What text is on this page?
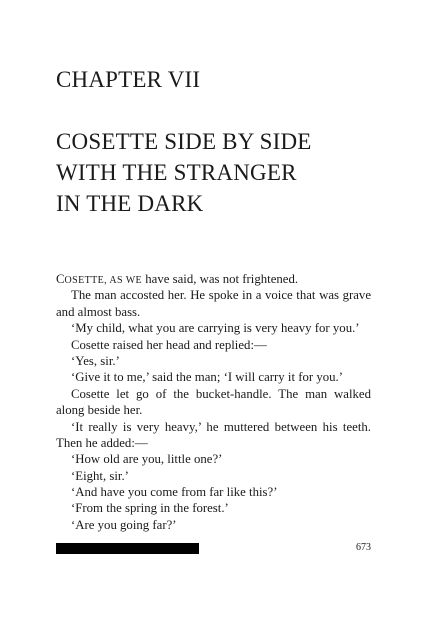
CHAPTER VII
COSETTE SIDE BY SIDE
WITH THE STRANGER
IN THE DARK
COSETTE, AS WE have said, was not frightened.
The man accosted her. He spoke in a voice that was grave
and almost bass.
‘My child, what you are carrying is very heavy for you.’
Cosette raised her head and replied:—
‘Yes, sir.’
‘Give it to me,’ said the man; ‘I will carry it for you.’
Cosette let go of the bucket-handle. The man walked
along beside her.
‘It really is very heavy,’ he muttered between his teeth.
Then he added:—
‘How old are you, little one?’
‘Eight, sir.’
‘And have you come from far like this?’
‘From the spring in the forest.’
‘Are you going far?’
673
